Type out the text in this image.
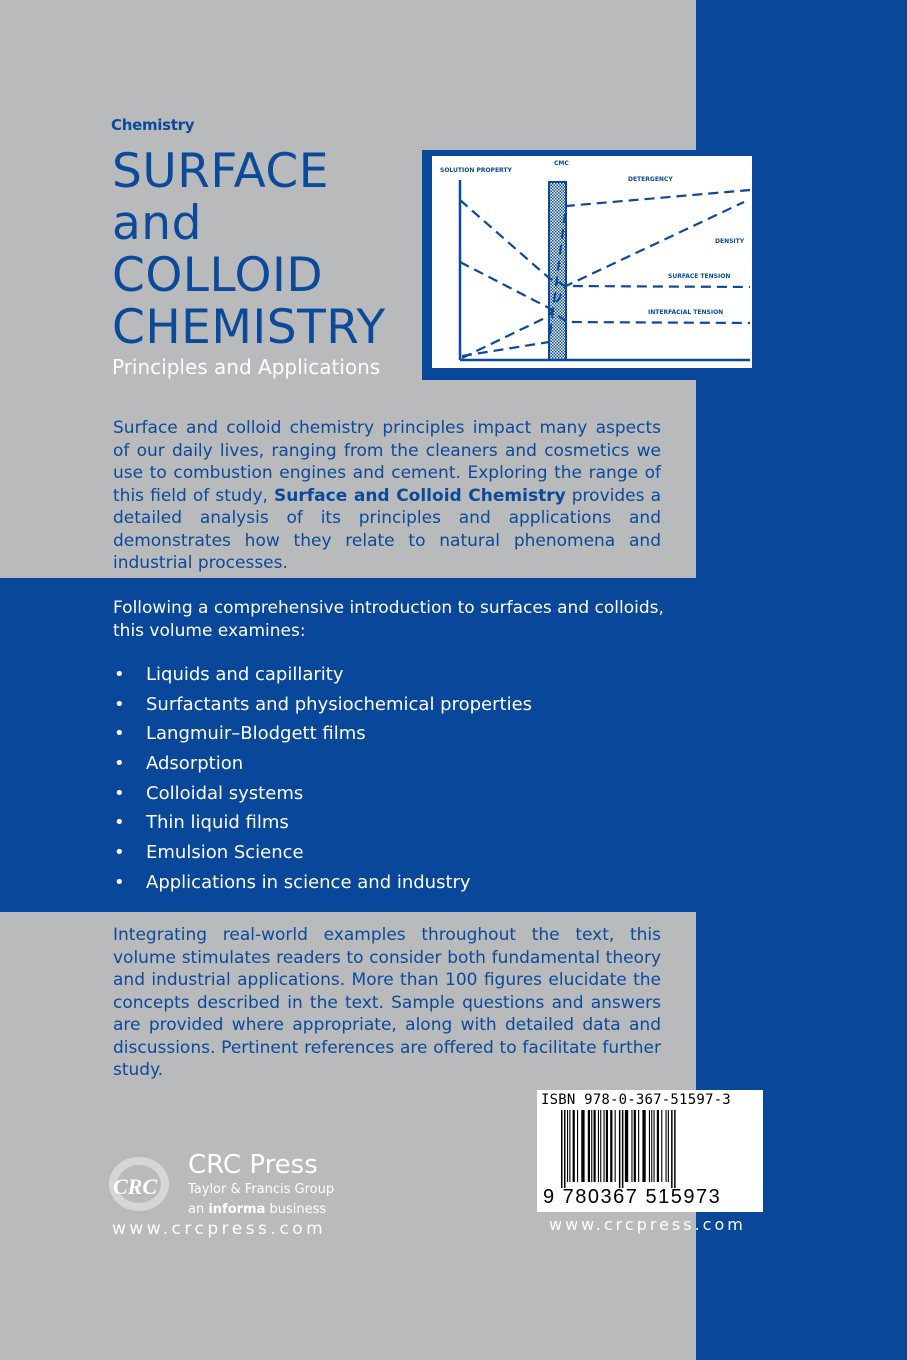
Chemistry
SURFACE
and
COLLOID
CHEMISTRY
Principles and Applications
SOLUTION PROPERTY
CMC
DETERGENCY
DENSITY
SURFACE TENSION
INTERFACIAL TENSION
Surface and colloid chemistry principles impact many aspects of our daily lives, ranging from the cleaners and cosmetics we use to combustion engines and cement. Exploring the range of this field of study, Surface and Colloid Chemistry provides a detailed analysis of its principles and applications and demonstrates how they relate to natural phenomena and industrial processes.
Following a comprehensive introduction to surfaces and colloids, this volume examines:
• Liquids and capillarity
• Surfactants and physiochemical properties
• Langmuir–Blodgett films
• Adsorption
• Colloidal systems
• Thin liquid films
• Emulsion Science
• Applications in science and industry
Integrating real-world examples throughout the text, this volume stimulates readers to consider both fundamental theory and industrial applications. More than 100 figures elucidate the concepts described in the text. Sample questions and answers are provided where appropriate, along with detailed data and discussions. Pertinent references are offered to facilitate further study.
ISBN 978-0-367-51597-3
9 780367 515973
www.crcpress.com
CRC
CRC Press
Taylor & Francis Group
an informa business
www.crcpress.com
